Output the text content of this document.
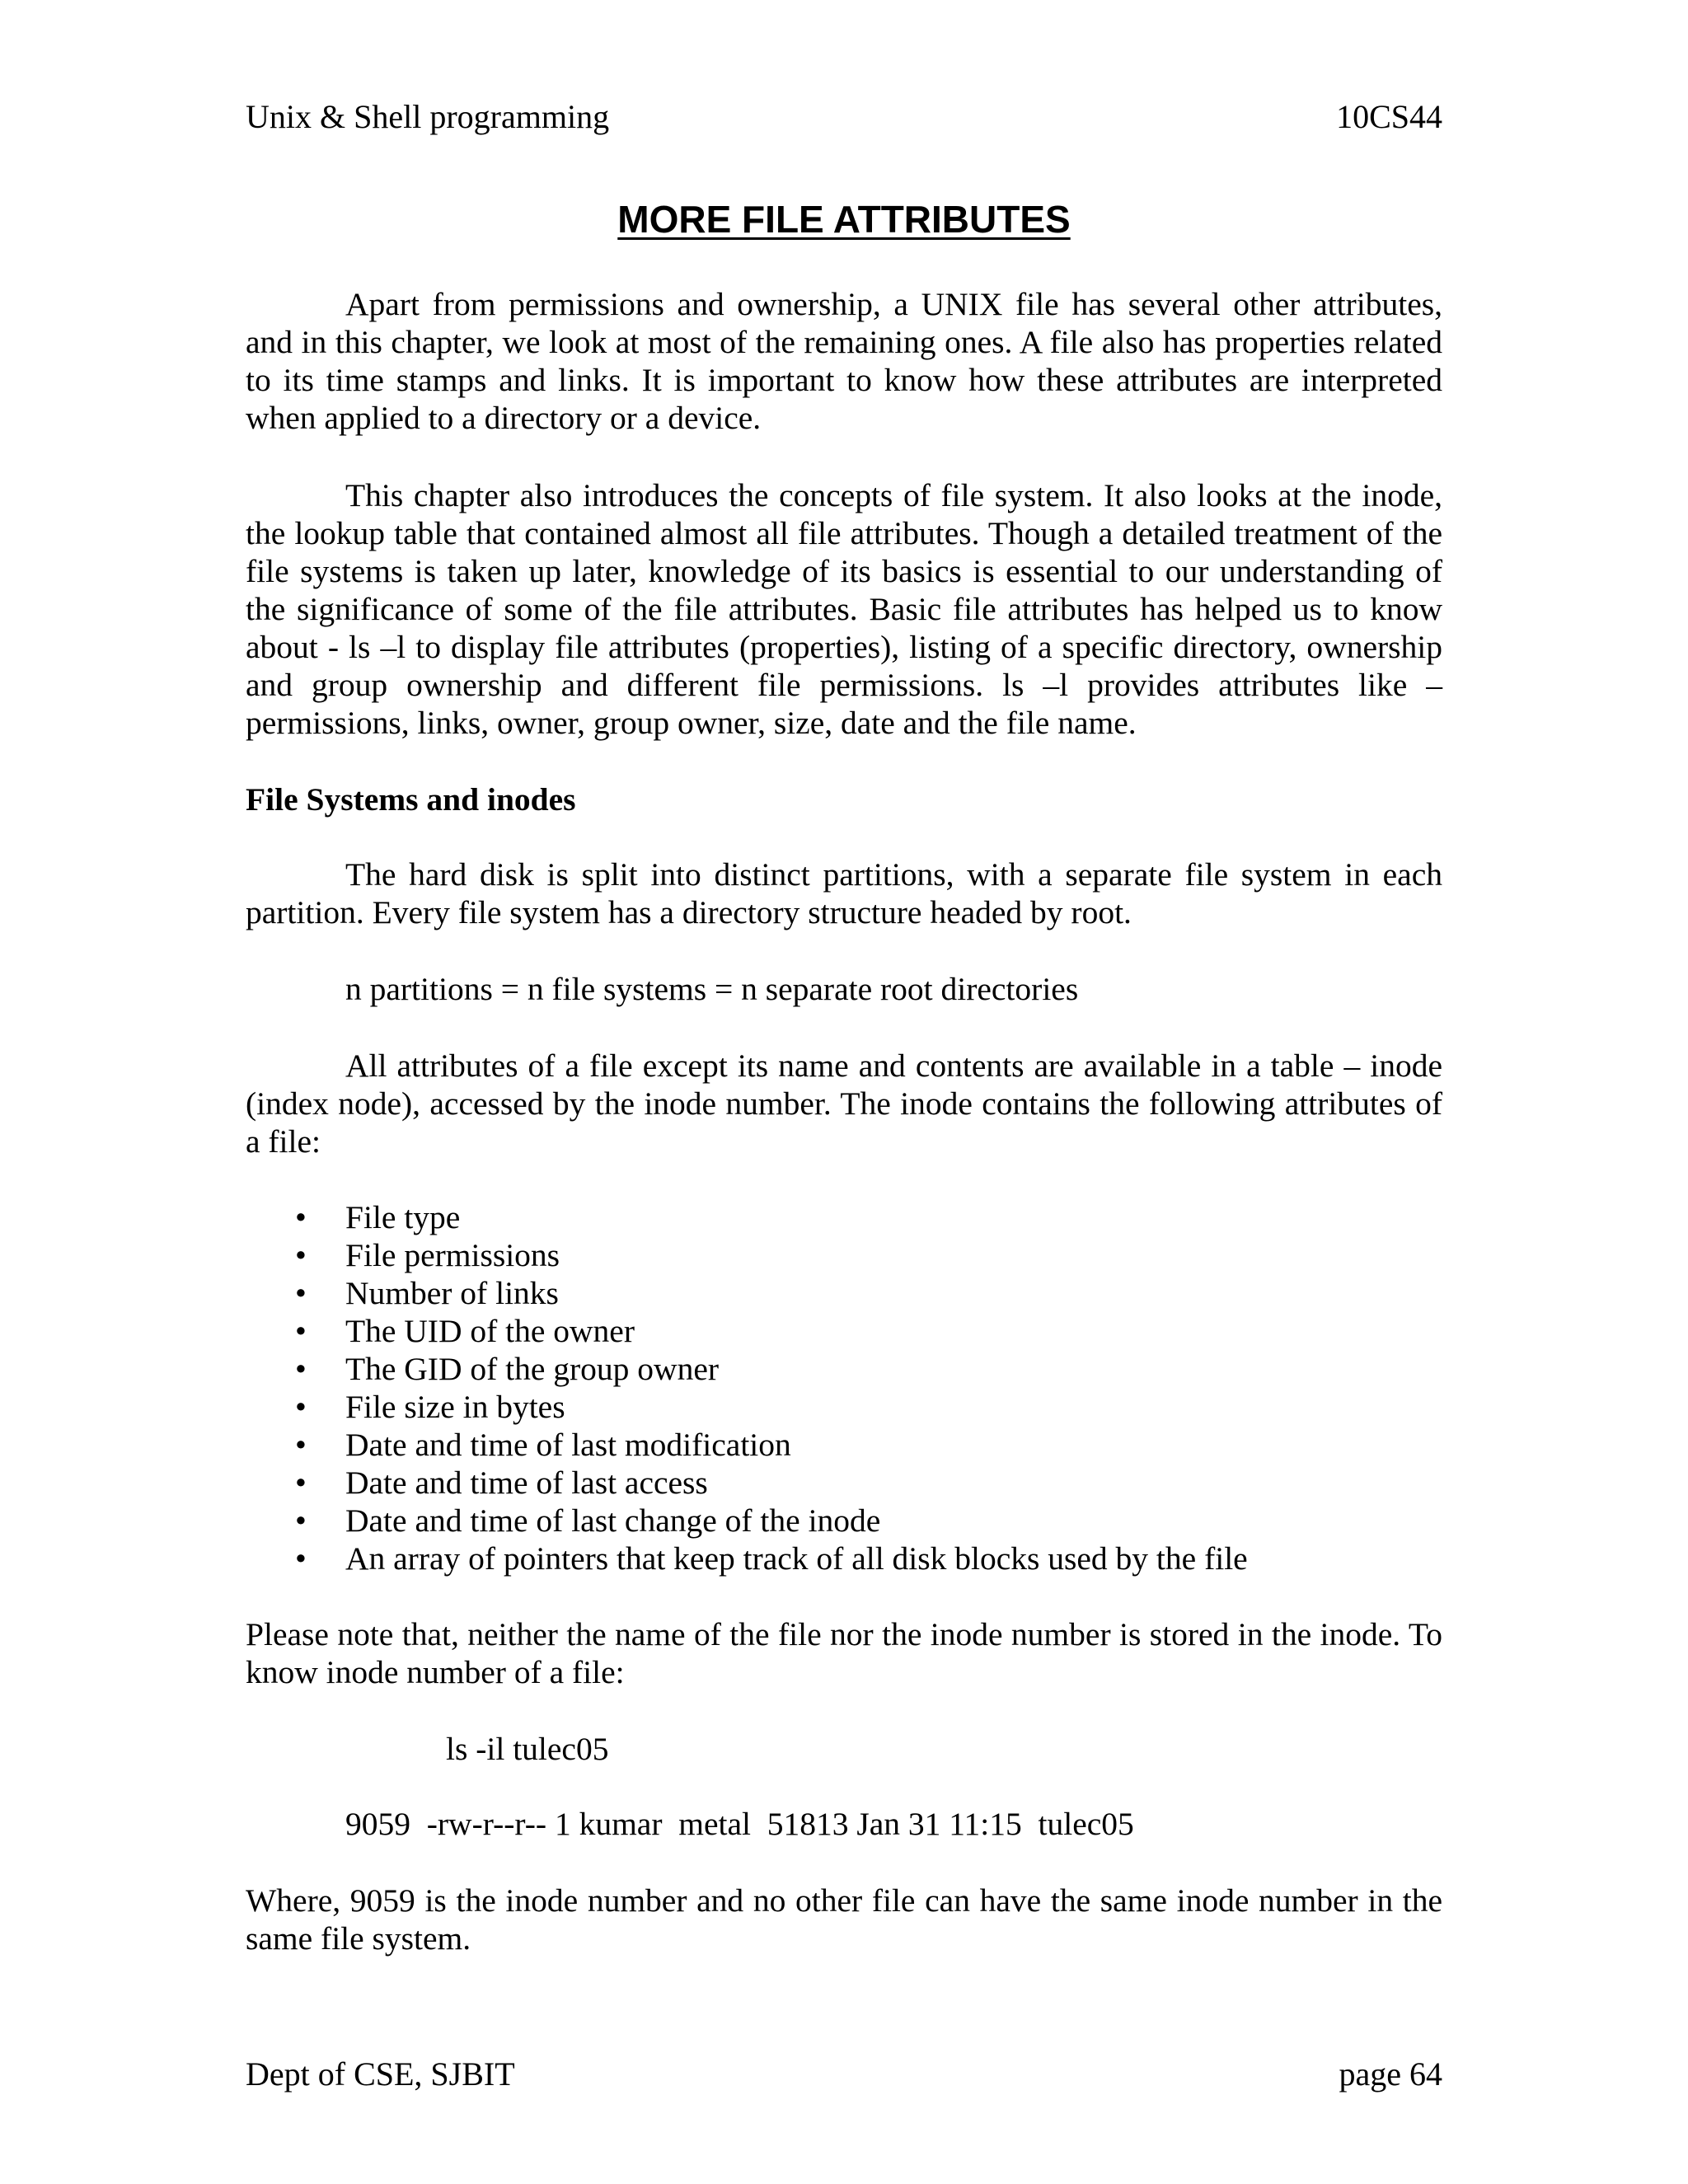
Unix & Shell programming	10CS44
MORE FILE ATTRIBUTES

Apart from permissions and ownership, a UNIX file has several other attributes, and in this chapter, we look at most of the remaining ones. A file also has properties related to its time stamps and links. It is important to know how these attributes are interpreted when applied to a directory or a device.

This chapter also introduces the concepts of file system. It also looks at the inode, the lookup table that contained almost all file attributes. Though a detailed treatment of the file systems is taken up later, knowledge of its basics is essential to our understanding of the significance of some of the file attributes. Basic file attributes has helped us to know about - ls –l to display file attributes (properties), listing of a specific directory, ownership and group ownership and different file permissions. ls –l provides attributes like – permissions, links, owner, group owner, size, date and the file name.

File Systems and inodes

The hard disk is split into distinct partitions, with a separate file system in each partition. Every file system has a directory structure headed by root.

n partitions = n file systems = n separate root directories

All attributes of a file except its name and contents are available in a table – inode (index node), accessed by the inode number. The inode contains the following attributes of a file:

• File type
• File permissions
• Number of links
• The UID of the owner
• The GID of the group owner
• File size in bytes
• Date and time of last modification
• Date and time of last access
• Date and time of last change of the inode
• An array of pointers that keep track of all disk blocks used by the file

Please note that, neither the name of the file nor the inode number is stored in the inode. To know inode number of a file:

ls -il tulec05
9059  -rw-r--r-- 1 kumar  metal  51813 Jan 31 11:15  tulec05

Where, 9059 is the inode number and no other file can have the same inode number in the same file system.

Dept of CSE, SJBIT	page 64
